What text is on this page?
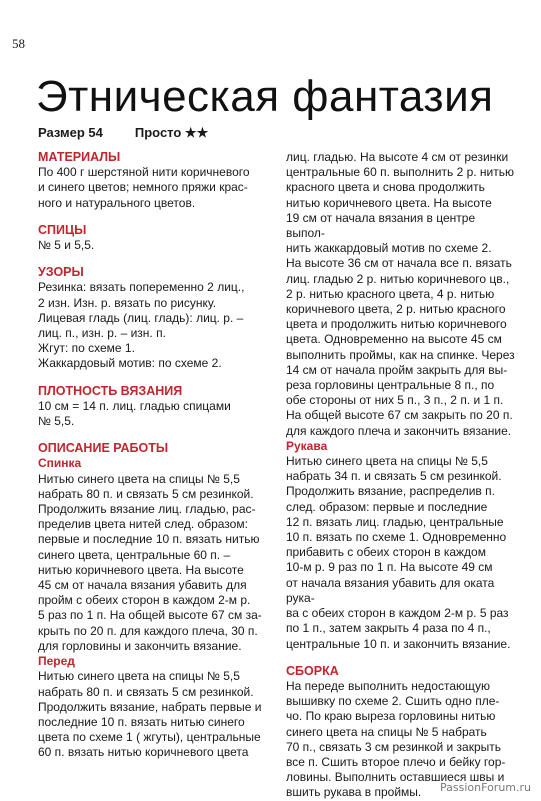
58
Этническая фантазия
Размер 54 Просто ★★
МАТЕРИАЛЫ
По 400 г шерстяной нити коричневого
и синего цветов; немного пряжи крас-
ного и натурального цветов.
СПИЦЫ
№ 5 и 5,5.
УЗОРЫ
Резинка: вязать попеременно 2 лиц.,
2 изн. Изн. р. вязать по рисунку.
Лицевая гладь (лиц. гладь): лиц. р. –
лиц. п., изн. р. – изн. п.
Жгут: по схеме 1.
Жаккардовый мотив: по схеме 2.
ПЛОТНОСТЬ ВЯЗАНИЯ
10 см = 14 п. лиц. гладью спицами
№ 5,5.
ОПИСАНИЕ РАБОТЫ
Спинка
Нитью синего цвета на спицы № 5,5
набрать 80 п. и связать 5 см резинкой.
Продолжить вязание лиц. гладью, рас-
пределив цвета нитей след. образом:
первые и последние 10 п. вязать нитью
синего цвета, центральные 60 п. –
нитью коричневого цвета. На высоте
45 см от начала вязания убавить для
пройм с обеих сторон в каждом 2-м р.
5 раз по 1 п. На общей высоте 67 см за-
крыть по 20 п. для каждого плеча, 30 п.
для горловины и закончить вязание.
Перед
Нитью синего цвета на спицы № 5,5
набрать 80 п. и связать 5 см резинкой.
Продолжить вязание, набрать первые и
последние 10 п. вязать нитью синего
цвета по схеме 1 ( жгуты), центральные
60 п. вязать нитью коричневого цвета
лиц. гладью. На высоте 4 см от резинки
центральные 60 п. выполнить 2 р. нитью
красного цвета и снова продолжить
нитью коричневого цвета. На высоте
19 см от начала вязания в центре выпол-
нить жаккардовый мотив по схеме 2.
На высоте 36 см от начала все п. вязать
лиц. гладью 2 р. нитью коричневого цв.,
2 р. нитью красного цвета, 4 р. нитью
коричневого цвета, 2 р. нитью красного
цвета и продолжить нитью коричневого
цвета. Одновременно на высоте 45 см
выполнить проймы, как на спинке. Через
14 см от начала пройм закрыть для вы-
реза горловины центральные 8 п., по
обе стороны от них 5 п., 3 п., 2 п. и 1 п.
На общей высоте 67 см закрыть по 20 п.
для каждого плеча и закончить вязание.
Рукава
Нитью синего цвета на спицы № 5,5
набрать 34 п. и связать 5 см резинкой.
Продолжить вязание, распределив п.
след. образом: первые и последние
12 п. вязать лиц. гладью, центральные
10 п. вязать по схеме 1. Одновременно
прибавить с обеих сторон в каждом
10-м р. 9 раз по 1 п. На высоте 49 см
от начала вязания убавить для оката рука-
ва с обеих сторон в каждом 2-м р. 5 раз
по 1 п., затем закрыть 4 раза по 4 п.,
центральные 10 п. и закончить вязание.
СБОРКА
На переде выполнить недостающую
вышивку по схеме 2. Сшить одно пле-
чо. По краю выреза горловины нитью
синего цвета на спицы № 5 набрать
70 п., связать 3 см резинкой и закрыть
все п. Сшить второе плечо и бейку гор-
ловины. Выполнить оставшиеся швы и
вшить рукава в проймы.	PassionForum.ru
